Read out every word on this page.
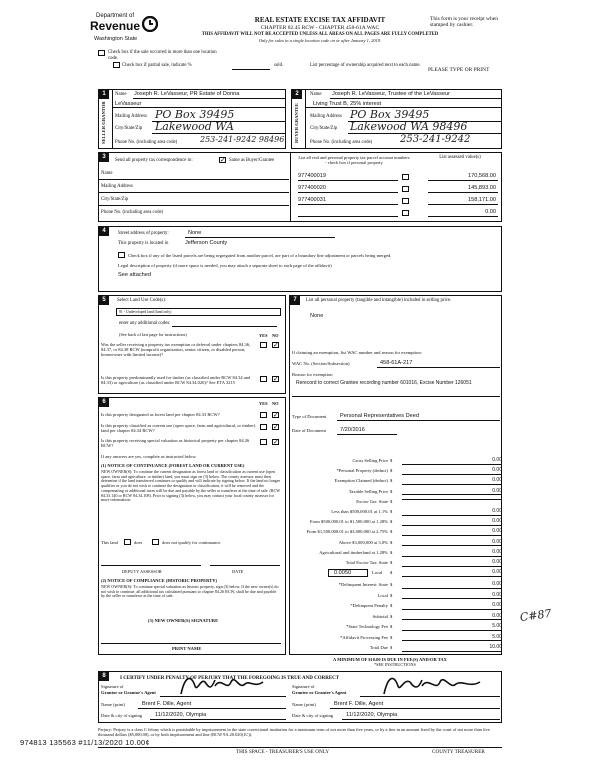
Department of
Revenue
Washington State
REAL ESTATE EXCISE TAX AFFIDAVIT
CHAPTER 82.45 RCW - CHAPTER 458-61A WAC
THIS AFFIDAVIT WILL NOT BE ACCEPTED UNLESS ALL AREAS ON ALL PAGES ARE FULLY COMPLETED
Only for sales in a single location code on or after January 1, 2019.
This form is your receipt when stamped by cashier.
PLEASE TYPE OR PRINT
Check box if the sale occurred in more than one location code.
Check box if partial sale, indicate %	sold.	List percentage of ownership acquired next to each name.
1
SELLER GRANTOR
Name Joseph R. LeVasseur, PR Estate of Donna
LeVasseur
Mailing Address PO Box 39495
City/State/Zip Lakewood WA
Phone No. (including area code)	253-241-9242 98496
2
BUYER GRANTEE
Name Joseph R. LeVasseur, Trustee of the LeVasseur
Living Trust B, 25% interest
Mailing Address PO Box 39495
City/State/Zip Lakewood WA 98496
Phone No. (including area code)	253-241-9242
3
Send all property tax correspondence to: ✓	Same as Buyer/Grantee
Name
Mailing Address
City/State/Zip
Phone No. (including area code)
List all real and personal property tax parcel account numbers - check box if personal property
List assessed value(s)
977400019	170,568.00
977400020	145,893.00
977400031	158,171.00
0.00
4	Street address of property:	None
This property is located in	Jefferson County
Check box if any of the listed parcels are being segregated from another parcel, are part of a boundary line adjustment or parcels being merged.
Legal description of property (if more space is needed, you may attach a separate sheet to each page of the affidavit)
See attached
5	Select Land Use Code(s):
91 - Undeveloped land (land only)
enter any additional codes:
(See back of last page for instructions)	YES NO
Was the seller receiving a property tax exemption or deferral under chapters 84.36, 84.37, or 84.38 RCW (nonprofit organization, senior citizen, or disabled person, homeowner with limited income)?
✓
Is this property predominantly used for timber (as classified under RCW 84.34 and 84.33) or agriculture (as classified under RCW 84.34.020)? See ETA 3215
✓
6	YES NO
Is this property designated as forest land per chapter 84.33 RCW?
✓
Is this property classified as current use (open space, farm and agricultural, or timber) land per chapter 84.34 RCW?
✓
Is this property receiving special valuation as historical property per chapter 84.26 RCW?
✓
If any answers are yes, complete as instructed below.
(1) NOTICE OF CONTINUANCE (FOREST LAND OR CURRENT USE)
NEW OWNER(S): To continue the current designation as forest land or classification as current use (open space, farm and agriculture, or timber) land, you must sign on (3) below. The county assessor must then determine if the land transferred continues to qualify and will indicate by signing below. If the land no longer qualifies or you do not wish to continue the designation or classification, it will be removed and the compensating or additional taxes will be due and payable by the seller or transferor at the time of sale. (RCW 84.33.140 or RCW 84.34.108). Prior to signing (3) below, you may contact your local county assessor for more information.
This land	does	does not qualify for continuance.
DEPUTY ASSESSOR	DATE
(2) NOTICE OF COMPLIANCE (HISTORIC PROPERTY)
NEW OWNER(S): To continue special valuation as historic property, sign (3) below. If the new owner(s) do not wish to continue, all additional tax calculated pursuant to chapter 84.26 RCW, shall be due and payable by the seller or transferor at the time of sale.
(3) NEW OWNER(S) SIGNATURE
PRINT NAME
7	List all personal property (tangible and intangible) included in selling price.
None
If claiming an exemption, list WAC number and reason for exemption:
WAC No. (Section/Subsection)	458-61A-217
Reason for exemption
Rerecord to correct Grantee recording number 601016, Excise Number 126051
Type of Document Personal Representatives Deed
Date of Document	7/20/2016
Gross Selling Price $	0.00
*Personal Property (deduct) $	0.00
Exemption Claimed (deduct) $	0.00
Taxable Selling Price $	0.00
Excise Tax: State $
Less than $500,000.01 at 1.1% $	0.00
From $500,000.01 to $1,500,000 at 1.28% $	0.00
From $1,500,000.01 to $3,000,000 at 2.75% $	0.00
Above $3,000,000 at 3.0% $	0.00
Agricultural and timberland at 1.28% $	0.00
Total Excise Tax: State $	0.00
0.0050	Local $	0.00
*Delinquent Interest: State $	0.00
Local $	0.00
*Delinquent Penalty $	0.00
Subtotal $	0.00
*State Technology Fee $	5.00
*Affidavit Processing Fee $	5.00
Total Due $	10.00
A MINIMUM OF $10.00 IS DUE IN FEE(S) AND/OR TAX
*SEE INSTRUCTIONS
C#87
8	I CERTIFY UNDER PENALTY OF PERJURY THAT THE FOREGOING IS TRUE AND CORRECT
Signature of
Grantor or Grantor's Agent
Name (print)	Brent F. Dille, Agent
Date & city of signing 11/12/2020, Olympia
Signature of
Grantee or Grantee's Agent
Name (print)	Brent F. Dille, Agent
Date & city of signing 11/12/2020, Olympia
Perjury: Perjury is a class C felony which is punishable by imprisonment in the state correctional institution for a maximum term of not more than five years, or by a fine in an amount fixed by the court of not more than five thousand dollars ($5,000.00), or by both imprisonment and fine (RCW 9A.20.020(1C)).
974813 135563 #11/13/2020 10.00¢
THIS SPACE - TREASURER'S USE ONLY	COUNTY TREASURER
